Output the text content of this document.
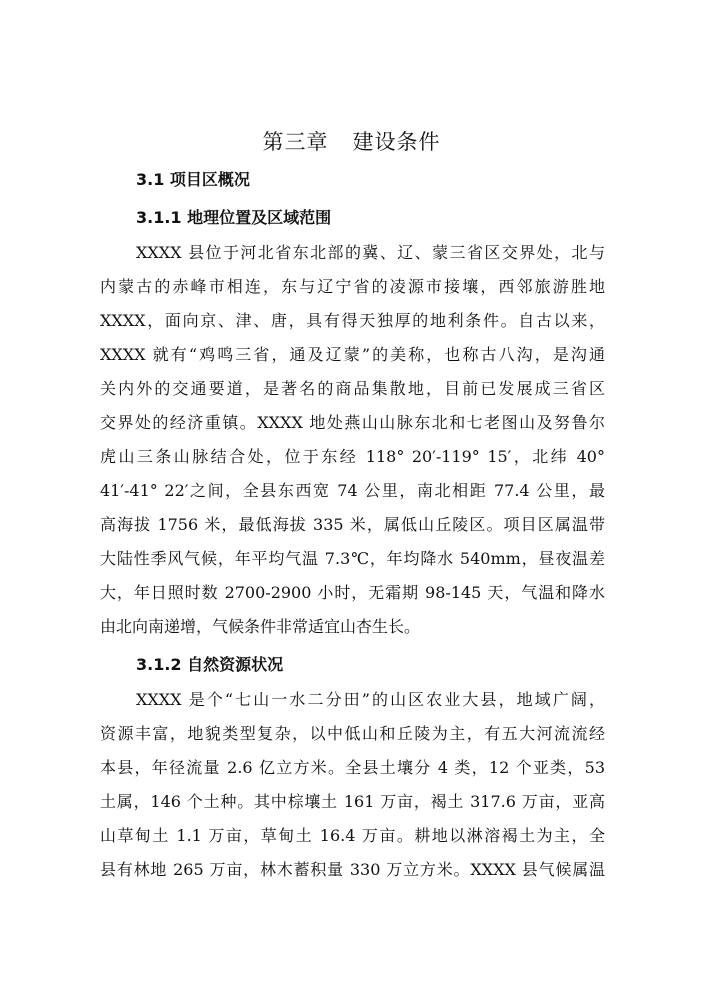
第三章 建设条件
3.1 项目区概况
3.1.1 地理位置及区域范围
XXXX 县位于河北省东北部的冀、辽、蒙三省区交界处，北与
内蒙古的赤峰市相连，东与辽宁省的凌源市接壤，西邻旅游胜地
XXXX，面向京、津、唐，具有得天独厚的地利条件。自古以来，
XXXX 就有“鸡鸣三省，通及辽蒙”的美称，也称古八沟，是沟通
关内外的交通要道，是著名的商品集散地，目前已发展成三省区
交界处的经济重镇。XXXX 地处燕山山脉东北和七老图山及努鲁尔
虎山三条山脉结合处，位于东经 118° 20′-119° 15′，北纬 40°
41′-41° 22′之间，全县东西宽 74 公里，南北相距 77.4 公里，最
高海拔 1756 米，最低海拔 335 米，属低山丘陵区。项目区属温带
大陆性季风气候，年平均气温 7.3℃，年均降水 540mm，昼夜温差
大，年日照时数 2700-2900 小时，无霜期 98-145 天，气温和降水
由北向南递增，气候条件非常适宜山杏生长。
3.1.2 自然资源状况
XXXX 是个“七山一水二分田”的山区农业大县，地域广阔，
资源丰富，地貌类型复杂，以中低山和丘陵为主，有五大河流流经
本县，年径流量 2.6 亿立方米。全县土壤分 4 类，12 个亚类，53
土属，146 个土种。其中棕壤土 161 万亩，褐土 317.6 万亩，亚高
山草甸土 1.1 万亩，草甸土 16.4 万亩。耕地以淋溶褐土为主，全
县有林地 265 万亩，林木蓄积量 330 万立方米。XXXX 县气候属温
